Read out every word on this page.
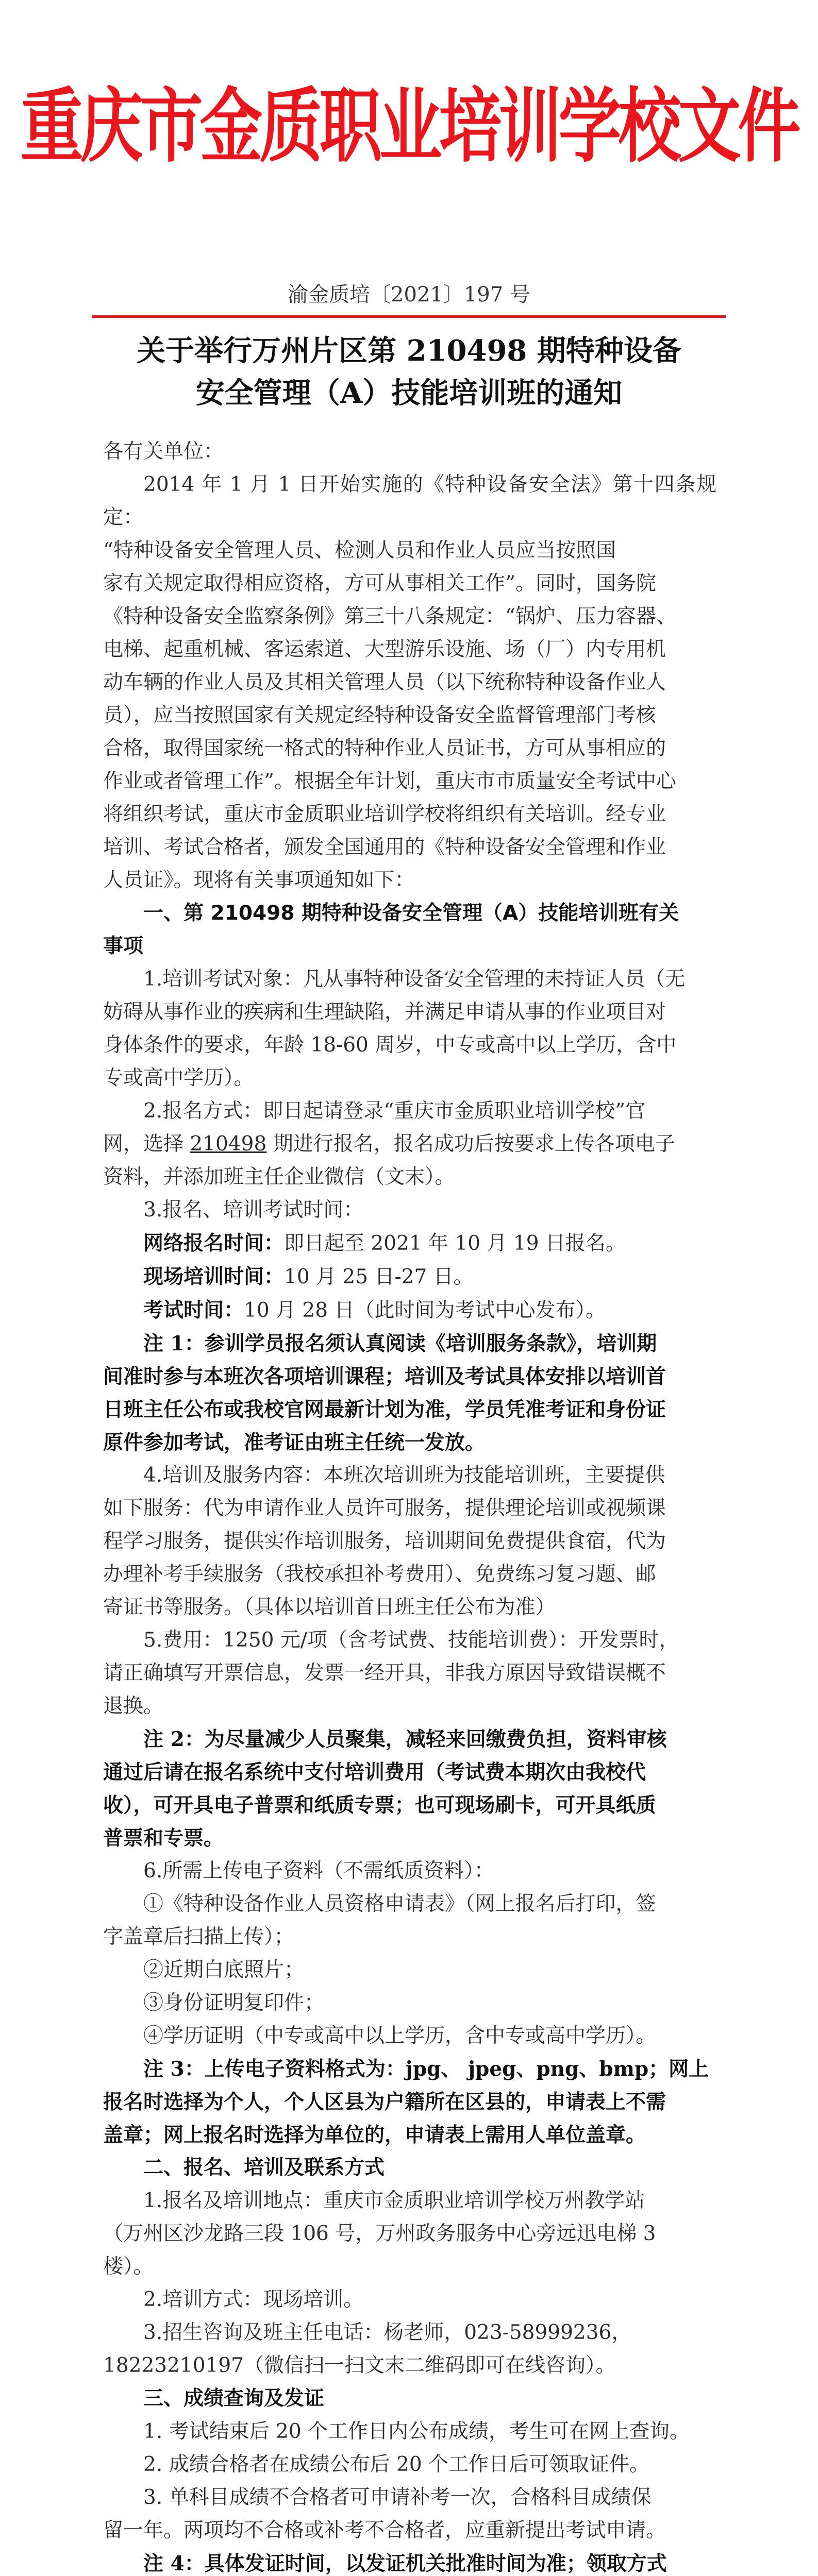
重庆市金质职业培训学校文件
渝金质培〔2021〕197 号
关于举行万州片区第 210498 期特种设备
安全管理（A）技能培训班的通知

各有关单位：

2014 年 1 月 1 日开始实施的《特种设备安全法》第十四条规定：

“特种设备安全管理人员、检测人员和作业人员应当按照国

家有关规定取得相应资格，方可从事相关工作”。同时，国务院

《特种设备安全监察条例》第三十八条规定：“锅炉、压力容器、

电梯、起重机械、客运索道、大型游乐设施、场（厂）内专用机

动车辆的作业人员及其相关管理人员（以下统称特种设备作业人

员），应当按照国家有关规定经特种设备安全监督管理部门考核

合格，取得国家统一格式的特种作业人员证书，方可从事相应的

作业或者管理工作”。根据全年计划，重庆市市质量安全考试中心

将组织考试，重庆市金质职业培训学校将组织有关培训。经专业

培训、考试合格者，颁发全国通用的《特种设备安全管理和作业

人员证》。现将有关事项通知如下：

一、第 210498 期特种设备安全管理（A）技能培训班有关

事项

1.培训考试对象：凡从事特种设备安全管理的未持证人员（无

妨碍从事作业的疾病和生理缺陷，并满足申请从事的作业项目对

身体条件的要求，年龄 18-60 周岁，中专或高中以上学历，含中

专或高中学历）。

2.报名方式：即日起请登录“重庆市金质职业培训学校”官

网，选择 210498 期进行报名，报名成功后按要求上传各项电子

资料，并添加班主任企业微信（文末）。

3.报名、培训考试时间：

网络报名时间：即日起至 2021 年 10 月 19 日报名。

现场培训时间：10 月 25 日-27 日。

考试时间：10 月 28 日（此时间为考试中心发布）。

注 1：参训学员报名须认真阅读《培训服务条款》，培训期

间准时参与本班次各项培训课程；培训及考试具体安排以培训首

日班主任公布或我校官网最新计划为准，学员凭准考证和身份证

原件参加考试，准考证由班主任统一发放。

4.培训及服务内容：本班次培训班为技能培训班，主要提供

如下服务：代为申请作业人员许可服务，提供理论培训或视频课

程学习服务，提供实作培训服务，培训期间免费提供食宿，代为

办理补考手续服务（我校承担补考费用）、免费练习复习题、邮

寄证书等服务。（具体以培训首日班主任公布为准）

5.费用：1250 元/项（含考试费、技能培训费）：开发票时，

请正确填写开票信息，发票一经开具，非我方原因导致错误概不

退换。

注 2：为尽量减少人员聚集，减轻来回缴费负担，资料审核

通过后请在报名系统中支付培训费用（考试费本期次由我校代

收），可开具电子普票和纸质专票；也可现场刷卡，可开具纸质

普票和专票。

6.所需上传电子资料（不需纸质资料）：

①《特种设备作业人员资格申请表》（网上报名后打印，签

字盖章后扫描上传）；

②近期白底照片；

③身份证明复印件；

④学历证明（中专或高中以上学历，含中专或高中学历）。

注 3：上传电子资料格式为：jpg、 jpeg、png、bmp；网上

报名时选择为个人，个人区县为户籍所在区县的，申请表上不需

盖章；网上报名时选择为单位的，申请表上需用人单位盖章。

二、报名、培训及联系方式

1.报名及培训地点：重庆市金质职业培训学校万州教学站

（万州区沙龙路三段 106 号，万州政务服务中心旁远迅电梯 3

楼）。

2.培训方式：现场培训。

3.招生咨询及班主任电话：杨老师，023-58999236，

18223210197（微信扫一扫文末二维码即可在线咨询）。

三、成绩查询及发证

1. 考试结束后 20 个工作日内公布成绩，考生可在网上查询。

2. 成绩合格者在成绩公布后 20 个工作日后可领取证件。

3. 单科目成绩不合格者可申请补考一次，合格科目成绩保

留一年。两项均不合格或补考不合格者，应重新提出考试申请。

注 4：具体发证时间，以发证机关批准时间为准；领取方式
